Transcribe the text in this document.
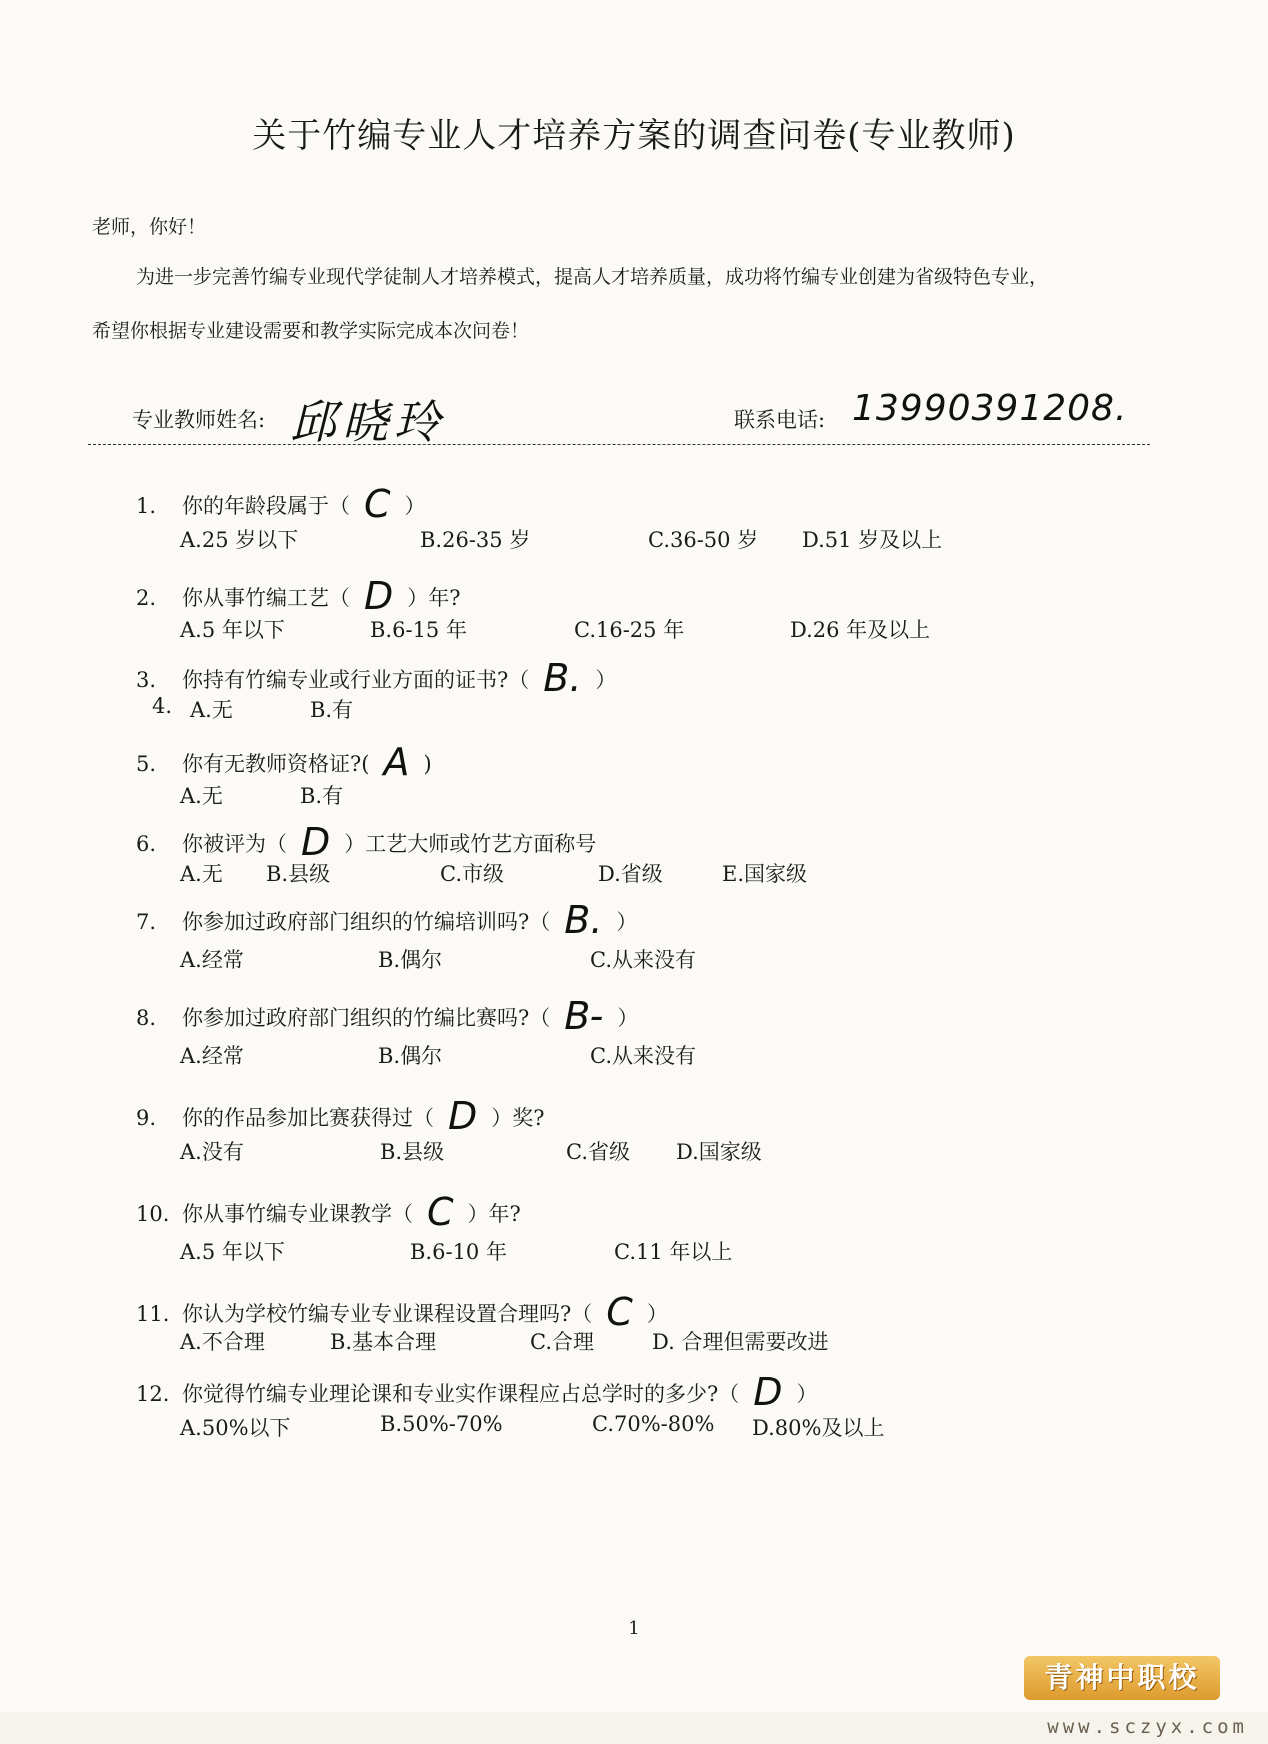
关于竹编专业人才培养方案的调查问卷(专业教师)
老师，你好！
为进一步完善竹编专业现代学徒制人才培养模式，提高人才培养质量，成功将竹编专业创建为省级特色专业，
希望你根据专业建设需要和教学实际完成本次问卷！
专业教师姓名: 邱晓玲	联系电话: 13990391208.
1. 你的年龄段属于（ C ）
A.25 岁以下	B.26-35 岁	C.36-50 岁 D.51 岁及以上
2. 你从事竹编工艺（ D ）年?
A.5 年以下	B.6-15 年	C.16-25 年	D.26 年及以上
3. 你持有竹编专业或行业方面的证书?（ B. ）
4. A.无	B.有
5. 你有无教师资格证?( A )
A.无	B.有
6. 你被评为（ D ）工艺大师或竹艺方面称号
A.无 B.县级	C.市级	D.省级	E.国家级
7. 你参加过政府部门组织的竹编培训吗?（ B. ）
A.经常	B.偶尔	C.从来没有
8. 你参加过政府部门组织的竹编比赛吗?（ B- ）
A.经常	B.偶尔	C.从来没有
9. 你的作品参加比赛获得过（ D ）奖?
A.没有	B.县级	C.省级 D.国家级
10. 你从事竹编专业课教学（ C ）年?
A.5 年以下	B.6-10 年	C.11 年以上
11. 你认为学校竹编专业专业课程设置合理吗?（ C ）
A.不合理	B.基本合理	C.合理	D. 合理但需要改进
12. 你觉得竹编专业理论课和专业实作课程应占总学时的多少?（ D ）
A.50%以下	B.50%-70%	C.70%-80% D.80%及以上
1
青神中职校
www.sczyx.com
